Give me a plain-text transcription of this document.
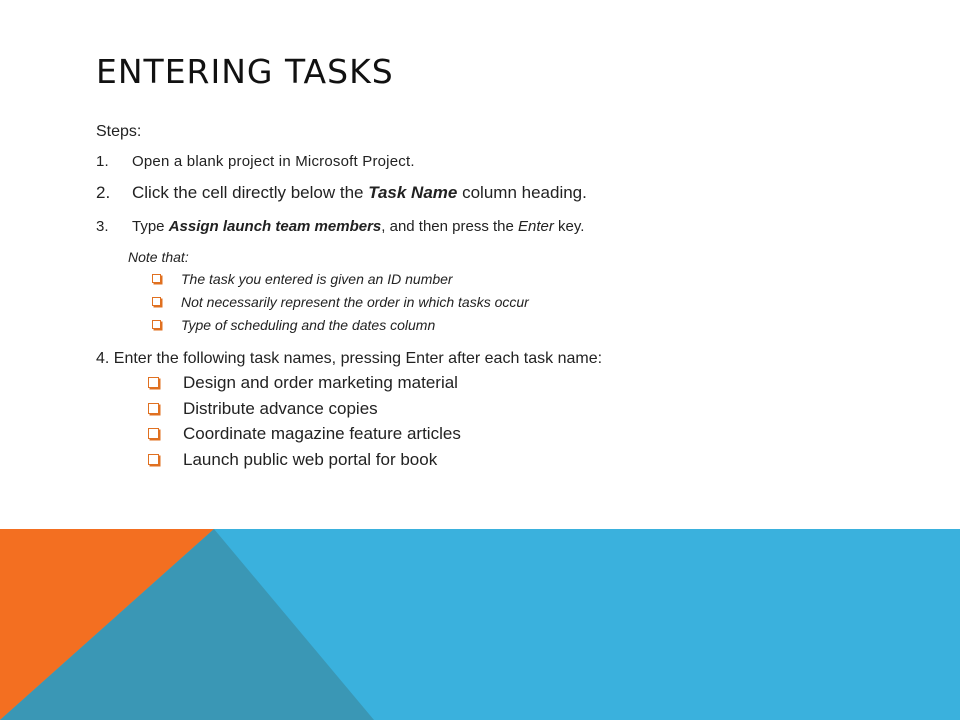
ENTERING TASKS
Steps:
1. Open a blank project in Microsoft Project.
2. Click the cell directly below the Task Name column heading.
3. Type Assign launch team members, and then press the Enter key.
Note that:
The task you entered is given an ID number
Not necessarily represent the order in which tasks occur
Type of scheduling and the dates column
4. Enter the following task names, pressing Enter after each task name:
Design and order marketing material
Distribute advance copies
Coordinate magazine feature articles
Launch public web portal for book
